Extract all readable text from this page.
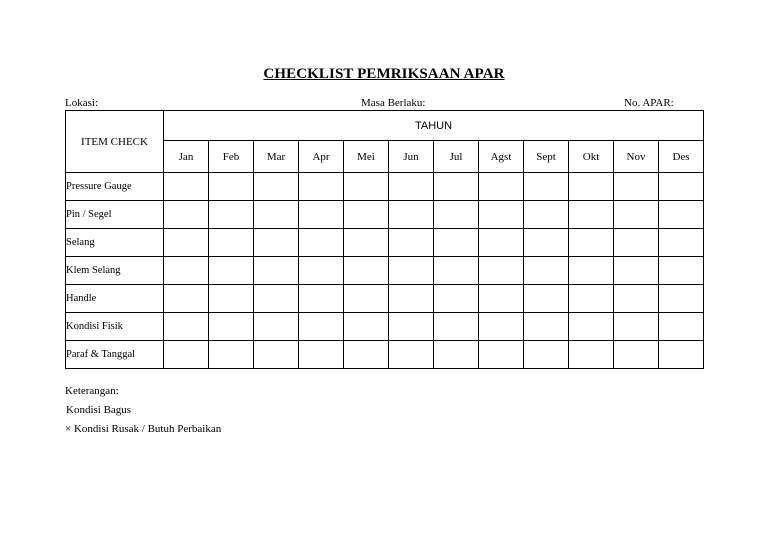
CHECKLIST PEMRIKSAAN APAR
Lokasi:	Masa Berlaku:	No. APAR:
ITEM CHECK	TAHUN											
	Jan	Feb	Mar	Apr	Mei	Jun	Jul	Agst	Sept	Okt	Nov	Des
Pressure Gauge												
Pin / Segel												
Selang												
Klem Selang												
Handle												
Kondisi Fisik												
Paraf & Tanggal												
Keterangan:
Kondisi Bagus
× Kondisi Rusak / Butuh Perbaikan
